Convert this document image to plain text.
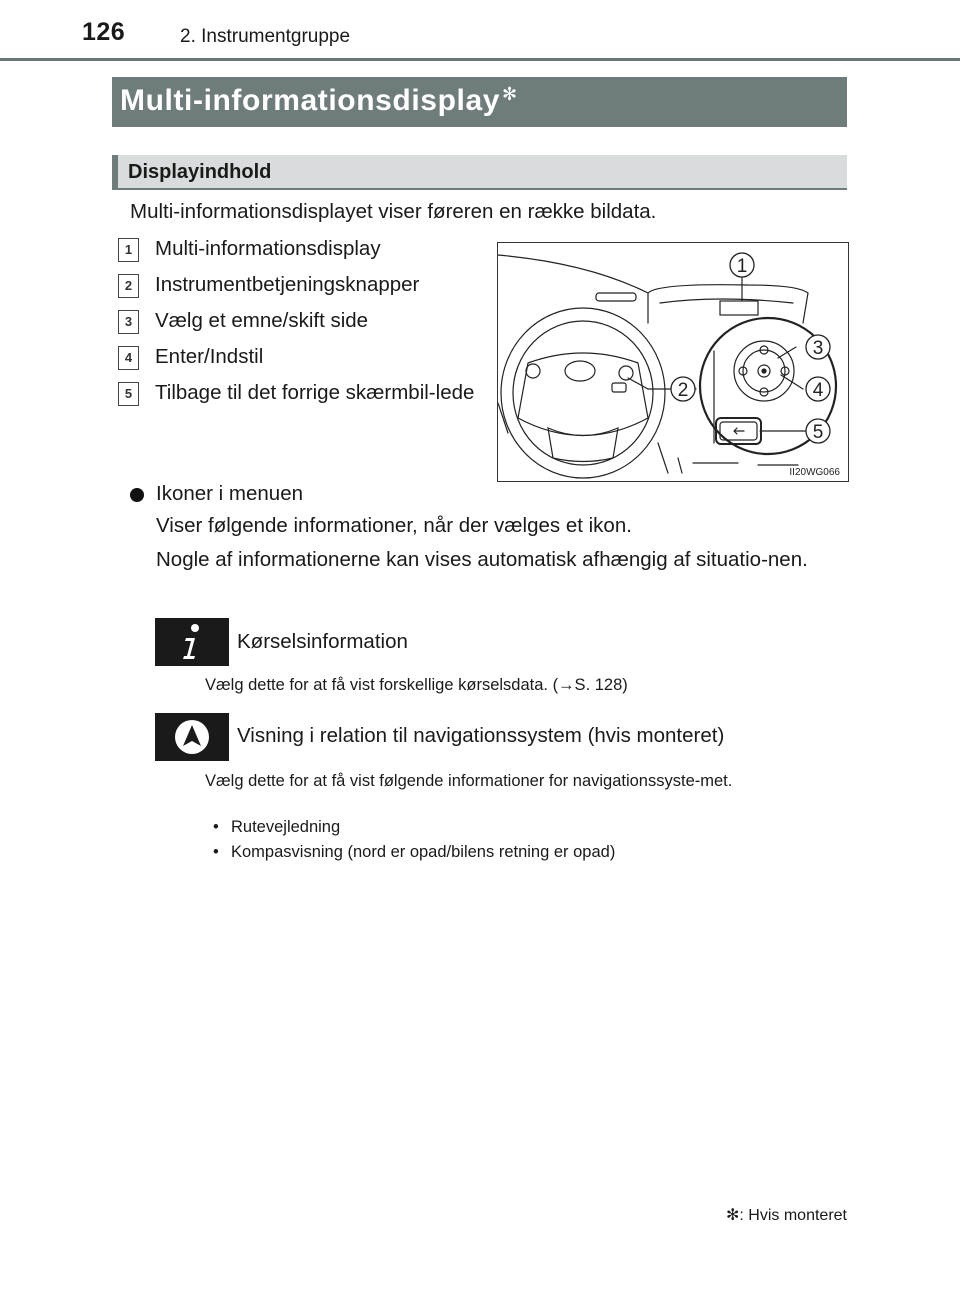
126	2. Instrumentgruppe
Multi-informationsdisplay ✻
Displayindhold
Multi-informationsdisplayet viser føreren en række bildata.
1	Multi-informationsdisplay
2	Instrumentbetjeningsknapper
3	Vælg et emne/skift side
4	Enter/Indstil
5	Tilbage til det forrige skærmbil-lede
1
2
3
4
5
II20WG066
Ikoner i menuen
Viser følgende informationer, når der vælges et ikon.
Nogle af informationerne kan vises automatisk afhængig af situatio-nen.
Kørselsinformation
Vælg dette for at få vist forskellige kørselsdata. (→S. 128)
Visning i relation til navigationssystem (hvis monteret)
Vælg dette for at få vist følgende informationer for navigationssyste-met.
• Rutevejledning
• Kompasvisning (nord er opad/bilens retning er opad)
✻: Hvis monteret
